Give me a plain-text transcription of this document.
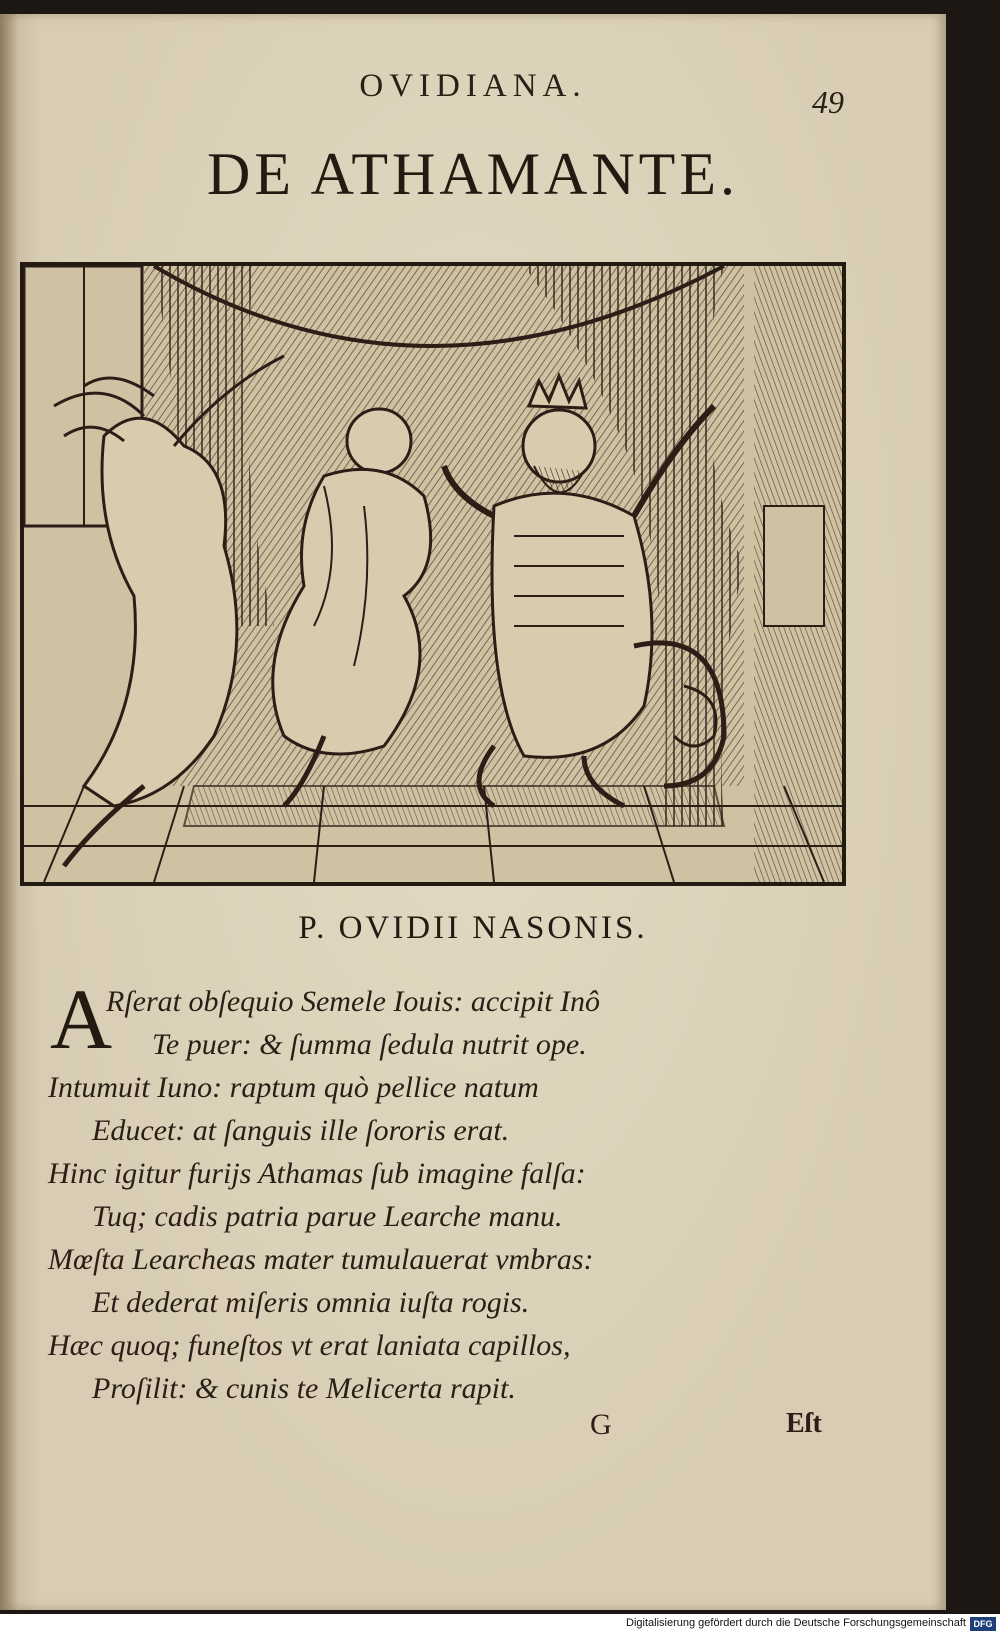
OVIDIANA.	49
DE ATHAMANTE.
P. OVIDII NASONIS.
A
Rſerat obſequio Semele Iouis: accipit Inô
Te puer: & ſumma ſedula nutrit ope.
Intumuit Iuno: raptum quò pellice natum
Educet: at ſanguis ille ſororis erat.
Hinc igitur furijs Athamas ſub imagine falſa:
Tuq; cadis patria parue Learche manu.
Mœſta Learcheas mater tumulauerat vmbras:
Et dederat miſeris omnia iuſta rogis.
Hæc quoq; funeſtos vt erat laniata capillos,
Proſilit: & cunis te Melicerta rapit.
G	Eſt
Digitalisierung gefördert durch die Deutsche Forschungsgemeinschaft DFG
